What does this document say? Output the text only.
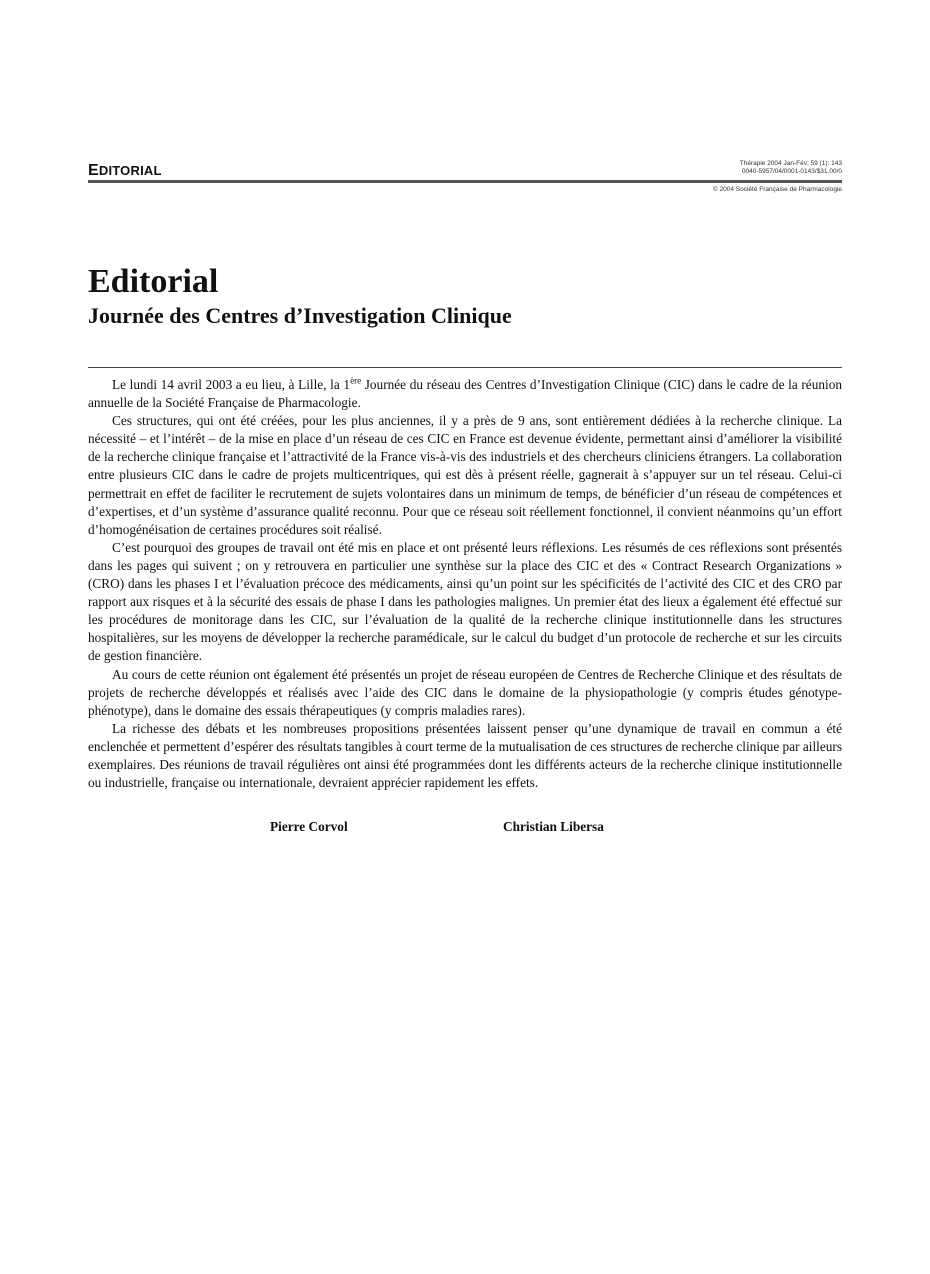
EDITORIAL	Thérapie 2004 Jan-Fév; 59 (1): 143
0040-5957/04/0001-0143/$31.00/0
© 2004 Société Française de Pharmacologie
Editorial
Journée des Centres d’Investigation Clinique

Le lundi 14 avril 2003 a eu lieu, à Lille, la 1ère Journée du réseau des Centres d’Investigation Clinique (CIC) dans le cadre de la réunion annuelle de la Société Française de Pharmacologie.

Ces structures, qui ont été créées, pour les plus anciennes, il y a près de 9 ans, sont entièrement dédiées à la recherche clinique. La nécessité – et l’intérêt – de la mise en place d’un réseau de ces CIC en France est devenue évidente, permettant ainsi d’améliorer la visibilité de la recherche clinique française et l’attractivité de la France vis-à-vis des industriels et des chercheurs cliniciens étrangers. La collaboration entre plusieurs CIC dans le cadre de projets multicentriques, qui est dès à présent réelle, gagnerait à s’appuyer sur un tel réseau. Celui-ci permettrait en effet de faciliter le recrutement de sujets volontaires dans un minimum de temps, de bénéficier d’un réseau de compétences et d’expertises, et d’un système d’assurance qualité reconnu. Pour que ce réseau soit réellement fonctionnel, il convient néanmoins qu’un effort d’homogénéisation de certaines procédures soit réalisé.

C’est pourquoi des groupes de travail ont été mis en place et ont présenté leurs réflexions. Les résumés de ces réflexions sont présentés dans les pages qui suivent ; on y retrouvera en particulier une synthèse sur la place des CIC et des « Contract Research Organizations » (CRO) dans les phases I et l’évaluation précoce des médicaments, ainsi qu’un point sur les spécificités de l’activité des CIC et des CRO par rapport aux risques et à la sécurité des essais de phase I dans les pathologies malignes. Un premier état des lieux a également été effectué sur les procédures de monitorage dans les CIC, sur l’évaluation de la qualité de la recherche clinique institutionnelle dans les structures hospitalières, sur les moyens de développer la recherche paramédicale, sur le calcul du budget d’un protocole de recherche et sur les circuits de gestion financière.

Au cours de cette réunion ont également été présentés un projet de réseau européen de Centres de Recherche Clinique et des résultats de projets de recherche développés et réalisés avec l’aide des CIC dans le domaine de la physiopathologie (y compris études génotype-phénotype), dans le domaine des essais thérapeutiques (y compris maladies rares).

La richesse des débats et les nombreuses propositions présentées laissent penser qu’une dynamique de travail en commun a été enclenchée et permettent d’espérer des résultats tangibles à court terme de la mutualisation de ces structures de recherche clinique par ailleurs exemplaires. Des réunions de travail régulières ont ainsi été programmées dont les différents acteurs de la recherche clinique institutionnelle ou industrielle, française ou internationale, devraient apprécier rapidement les effets.

Pierre Corvol	Christian Libersa
